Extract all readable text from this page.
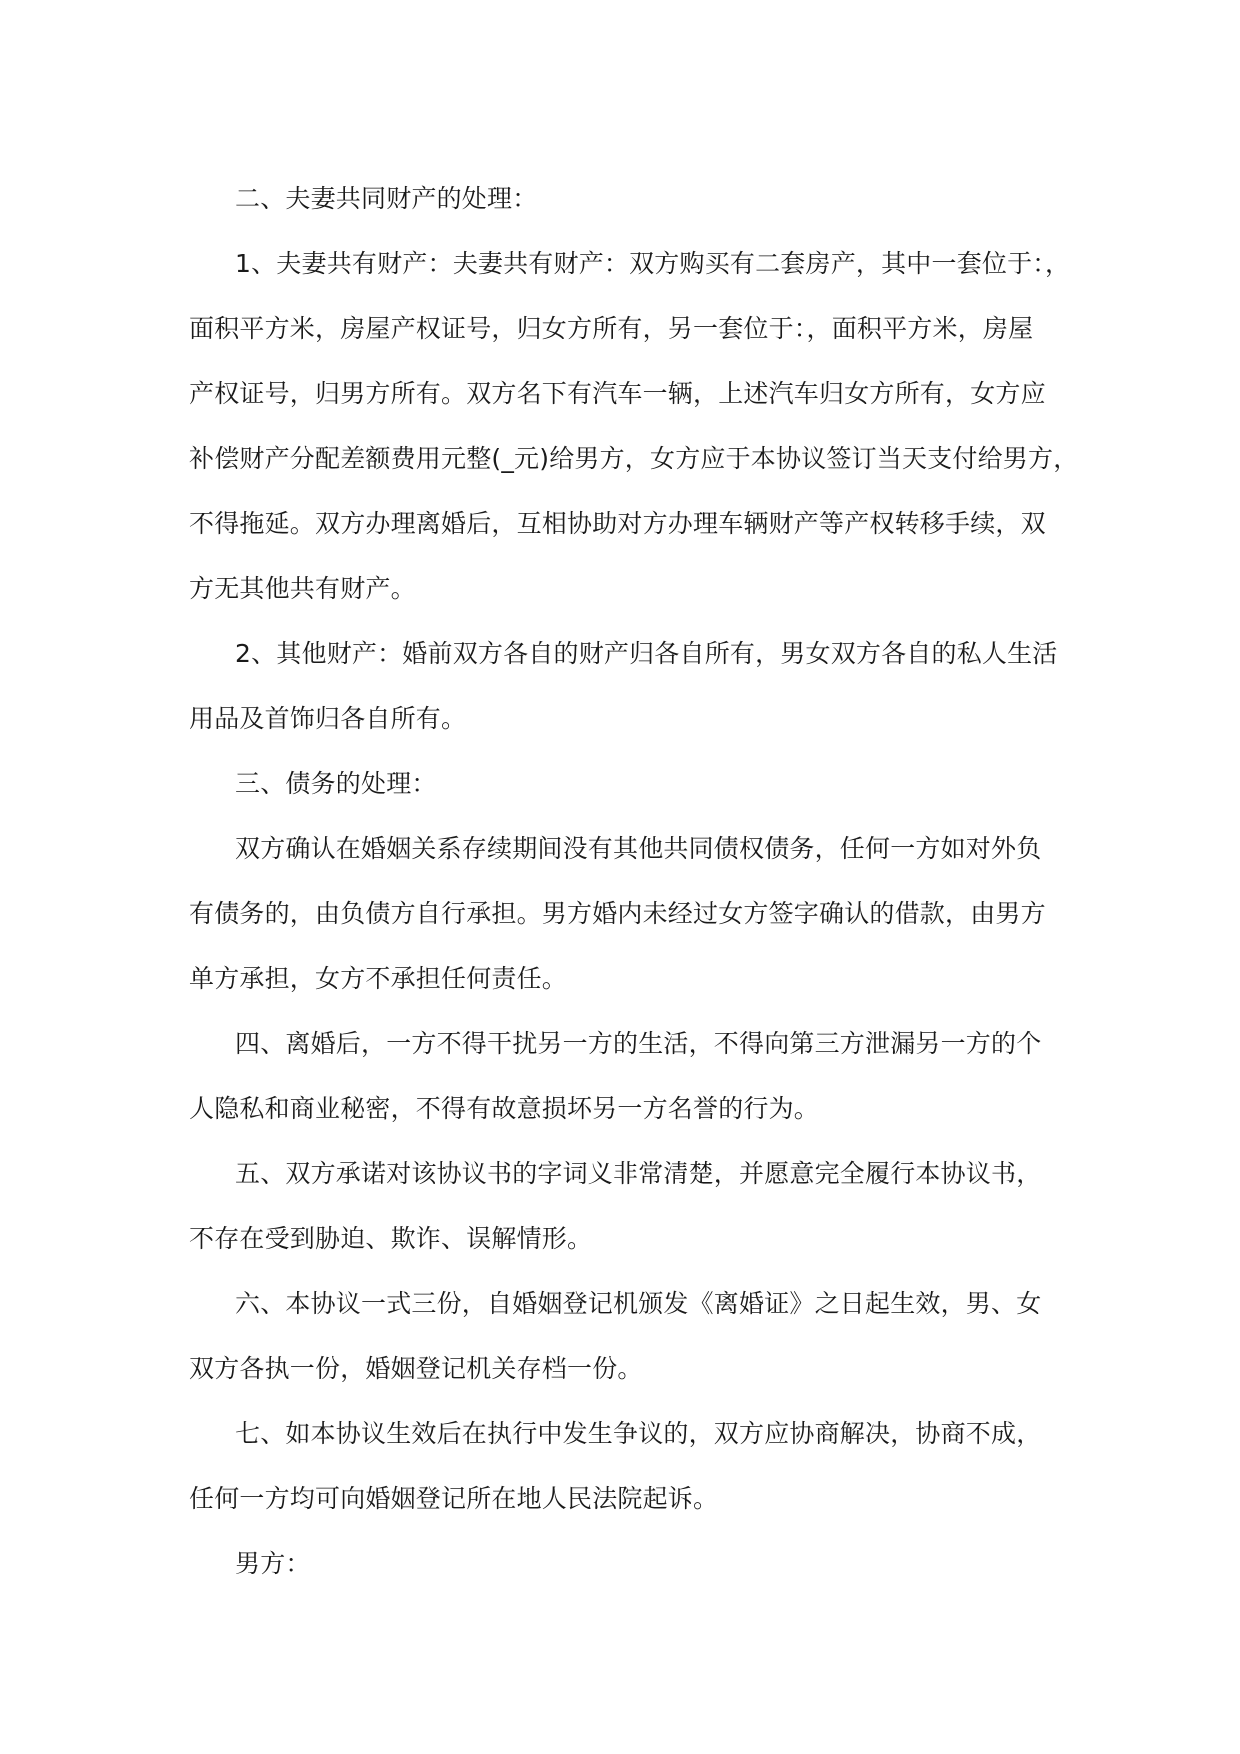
二、夫妻共同财产的处理：

1、夫妻共有财产：夫妻共有财产：双方购买有二套房产，其中一套位于：，
面积平方米，房屋产权证号，归女方所有，另一套位于：，面积平方米，房屋
产权证号，归男方所有。双方名下有汽车一辆，上述汽车归女方所有，女方应
补偿财产分配差额费用元整(_元)给男方，女方应于本协议签订当天支付给男方，
不得拖延。双方办理离婚后，互相协助对方办理车辆财产等产权转移手续，双
方无其他共有财产。

2、其他财产：婚前双方各自的财产归各自所有，男女双方各自的私人生活
用品及首饰归各自所有。

三、债务的处理：

双方确认在婚姻关系存续期间没有其他共同债权债务，任何一方如对外负
有债务的，由负债方自行承担。男方婚内未经过女方签字确认的借款，由男方
单方承担，女方不承担任何责任。

四、离婚后，一方不得干扰另一方的生活，不得向第三方泄漏另一方的个
人隐私和商业秘密，不得有故意损坏另一方名誉的行为。

五、双方承诺对该协议书的字词义非常清楚，并愿意完全履行本协议书，
不存在受到胁迫、欺诈、误解情形。

六、本协议一式三份，自婚姻登记机颁发《离婚证》之日起生效，男、女
双方各执一份，婚姻登记机关存档一份。

七、如本协议生效后在执行中发生争议的，双方应协商解决，协商不成，
任何一方均可向婚姻登记所在地人民法院起诉。

男方：
